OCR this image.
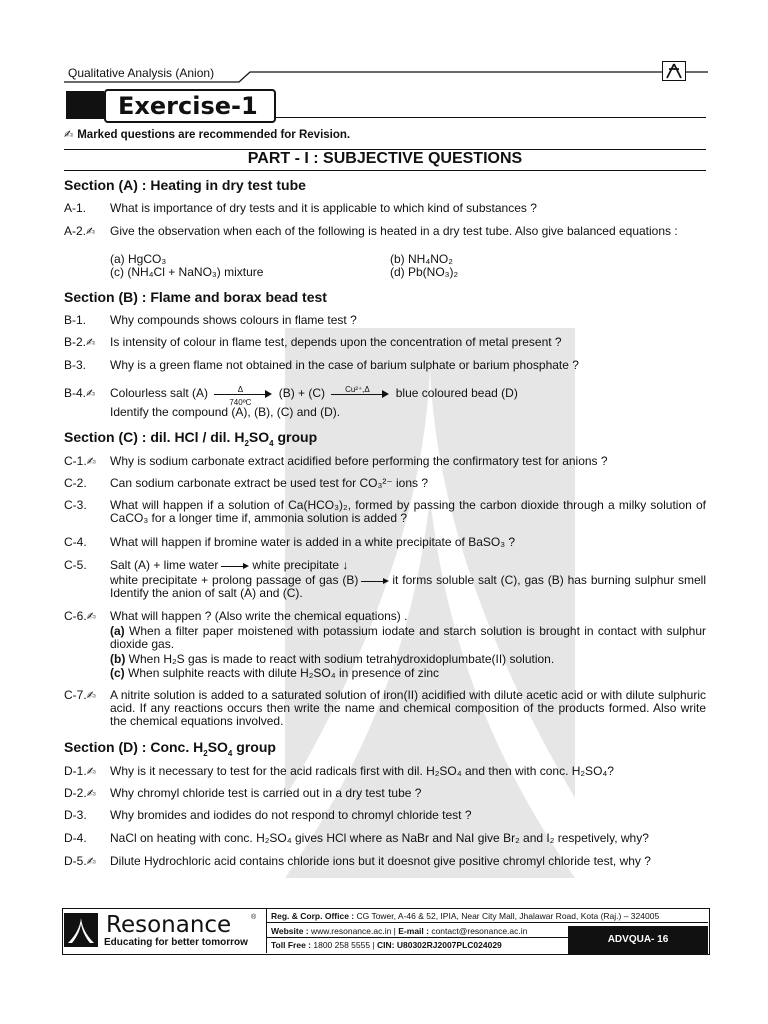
Qualitative Analysis (Anion)
Exercise-1
✍ Marked questions are recommended for Revision.
PART - I : SUBJECTIVE QUESTIONS
Section (A) : Heating in dry test tube
A-1. What is importance of dry tests and it is applicable to which kind of substances ?
A-2.✍ Give the observation when each of the following is heated in a dry test tube. Also give balanced equations :
(a) HgCO₃	(b) NH₄NO₂
(c) (NH₄Cl + NaNO₃) mixture	(d) Pb(NO₃)₂
Section (B) : Flame and borax bead test
B-1. Why compounds shows colours in flame test ?
B-2.✍ Is intensity of colour in flame test, depends upon the concentration of metal present ?
B-3. Why is a green flame not obtained in the case of barium sulphate or barium phosphate ?
B-4.✍ Colourless salt $(A) \frac{\Delta}{\text{740ºC}} (B) + (C)$	Cu²⁺,Δ	blue coloured bead (D)
Identify the compound (A), (B), (C) and (D).
Section (C) : dil. HCl / dil. $H_2SO_4$ group
C-1.✍ Why is sodium carbonate extract acidified before performing the confirmatory test for anions ?
C-2. Can sodium carbonate extract be used test for CO₃²⁻ ions ?
C-3. What will happen if a solution of Ca(HCO₃)₂, formed by passing the carbon dioxide through a milky solution of CaCO₃ for a longer time if, ammonia solution is added ?
C-4. What will happen if bromine water is added in a white precipitate of BaSO₃ ?
C-5. Salt (A) + lime water	white precipitate ↓
white precipitate + prolong passage of gas (B)	it forms soluble salt (C), gas (B) has burning sulphur smell Identify the anion of salt (A) and (C).
C-6.✍ What will happen ? (Also write the chemical equations) .
(a) When a filter paper moistened with potassium iodate and starch solution is brought in contact with sulphur dioxide gas.
(b) When H₂S gas is made to react with sodium tetrahydroxidoplumbate(II) solution.
(c) When sulphite reacts with dilute H₂SO₄ in presence of zinc
C-7.✍ A nitrite solution is added to a saturated solution of iron(II) acidified with dilute acetic acid or with dilute sulphuric acid. If any reactions occurs then write the name and chemical composition of the products formed. Also write the chemical equations involved.
Section (D) : Conc. $H_2SO_4$ group
D-1.✍ Why is it necessary to test for the acid radicals first with dil. H₂SO₄ and then with conc. H₂SO₄?
D-2.✍ Why chromyl chloride test is carried out in a dry test tube ?
D-3. Why bromides and iodides do not respond to chromyl chloride test ?
D-4. NaCl on heating with conc. H₂SO₄ gives HCl where as NaBr and NaI give Br₂ and I₂ respetively, why?
D-5.✍ Dilute Hydrochloric acid contains chloride ions but it doesnot give positive chromyl chloride test, why ?
Resonance	®
Educating for better tomorrow
Reg. & Corp. Office : CG Tower, A-46 & 52, IPIA, Near City Mall, Jhalawar Road, Kota (Raj.) – 324005
Website : www.resonance.ac.in | E-mail : contact@resonance.ac.in
Toll Free : 1800 258 5555 | CIN: U80302RJ2007PLC024029	ADVQUA- 16
